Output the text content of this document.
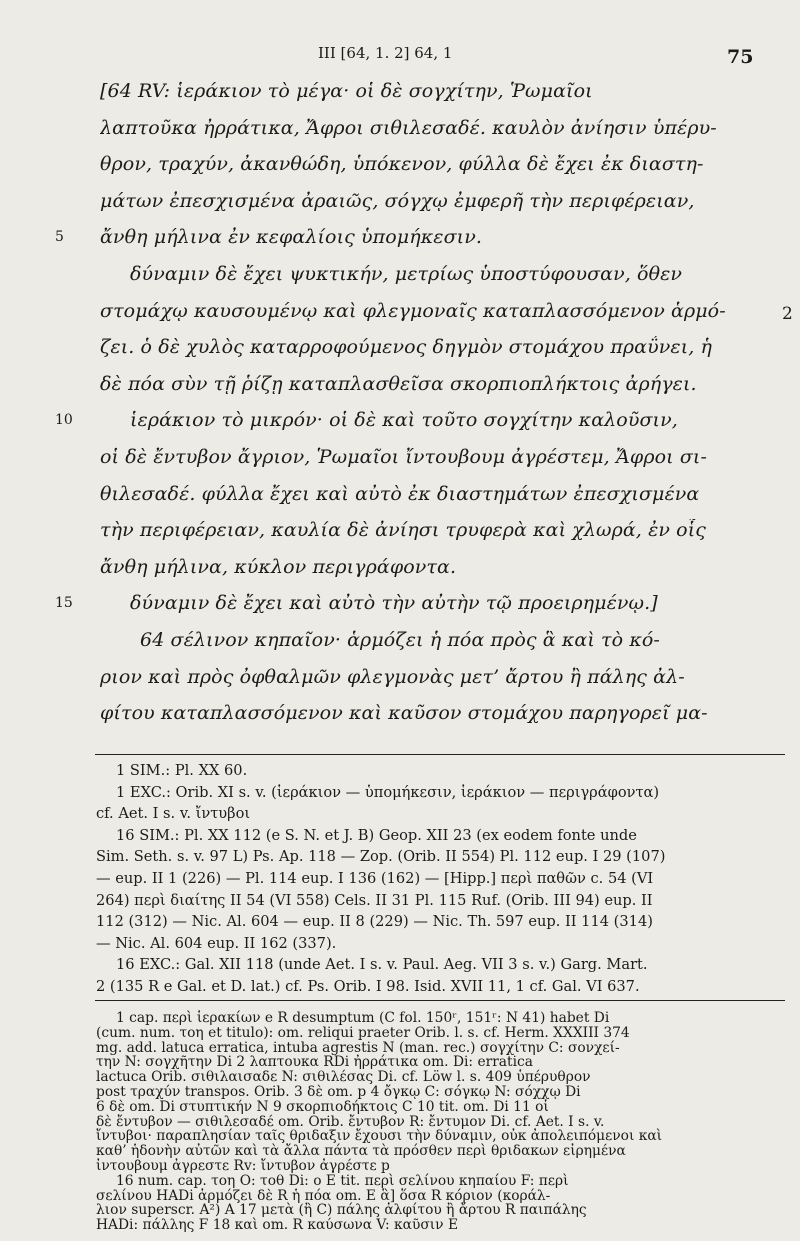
III [64, 1. 2] 64, 1	75
[64 RV: ἱεράκιον τὸ μέγα· οἱ δὲ σογχίτην, Ῥωμαῖοι
λαπτοῦκα ἠρράτικα, Ἄφροι σιθιλεσαδέ. καυλὸν ἀνίησιν ὑπέρυ-
θρον, τραχύν, ἀκανθώδη, ὑπόκενον, φύλλα δὲ ἔχει ἐκ διαστη-
μάτων ἐπεσχισμένα ἀραιῶς, σόγχῳ ἐμφερῆ τὴν περιφέρειαν,
ἄνθη μήλινα ἐν κεφαλίοις ὑπομήκεσιν.
5
δύναμιν δὲ ἔχει ψυκτικήν, μετρίως ὑποστύφουσαν, ὅθεν
στομάχῳ καυσουμένῳ καὶ φλεγμοναῖς καταπλασσόμενον ἁρμό-
ζει. ὁ δὲ χυλὸς καταρροφούμενος δηγμὸν στομάχου πραΰνει, ἡ
δὲ πόα σὺν τῇ ῥίζῃ καταπλασθεῖσα σκορπιοπλήκτοις ἀρήγει.
ἱεράκιον τὸ μικρόν· οἱ δὲ καὶ τοῦτο σογχίτην καλοῦσιν,
10
οἱ δὲ ἔντυβον ἄγριον, Ῥωμαῖοι ἴντουβουμ ἀγρέστεμ, Ἄφροι σι-
θιλεσαδέ. φύλλα ἔχει καὶ αὐτὸ ἐκ διαστημάτων ἐπεσχισμένα
τὴν περιφέρειαν, καυλία δὲ ἀνίησι τρυφερὰ καὶ χλωρά, ἐν οἷς
ἄνθη μήλινα, κύκλον περιγράφοντα.
δύναμιν δὲ ἔχει καὶ αὐτὸ τὴν αὐτὴν τῷ προειρημένῳ.]
15
64 σέλινον κηπαῖον· ἁρμόζει ἡ πόα πρὸς ἃ καὶ τὸ κό-
ριον καὶ πρὸς ὀφθαλμῶν φλεγμονὰς μετ’ ἄρτου ἢ πάλης ἀλ-
φίτου καταπλασσόμενον καὶ καῦσον στομάχου παρηγορεῖ μα-
2
1 SIM.: Pl. XX 60.
1 EXC.: Orib. XI s. v. (ἱεράκιον — ὑπομήκεσιν, ἱεράκιον — περιγράφοντα)
cf. Aet. I s. v. ἴντυβοι
16 SIM.: Pl. XX 112 (e S. N. et J. B) Geop. XII 23 (ex eodem fonte unde
Sim. Seth. s. v. 97 L) Ps. Ap. 118 — Zop. (Orib. II 554) Pl. 112 eup. I 29 (107)
— eup. II 1 (226) — Pl. 114 eup. I 136 (162) — [Hipp.] περὶ παθῶν c. 54 (VI
264) περὶ διαίτης II 54 (VI 558) Cels. II 31 Pl. 115 Ruf. (Orib. III 94) eup. II
112 (312) — Nic. Al. 604 — eup. II 8 (229) — Nic. Th. 597 eup. II 114 (314)
— Nic. Al. 604 eup. II 162 (337).
16 EXC.: Gal. XII 118 (unde Aet. I s. v. Paul. Aeg. VII 3 s. v.) Garg. Mart.
2 (135 R e Gal. et D. lat.) cf. Ps. Orib. I 98. Isid. XVII 11, 1 cf. Gal. VI 637.
1 cap. περὶ ἱερακίων e R desumptum (C fol. 150ʳ, 151ʳ: N 41) habet Di
(cum. num. τοη et titulo): om. reliqui praeter Orib. l. s. cf. Herm. XXXIII 374
mg. add. latuca erratica, intuba agrestis N (man. rec.) σογχίτην C: σονχεί-
την N: σογχῆτην Di 2 λαπτουκα RDi ἠρράτικα om. Di: erratica
lactuca Orib. σιθιλαισαδε N: σιθιλέσας Di. cf. Löw l. s. 409 ὑπέρυθρον
post τραχύν transpos. Orib. 3 δὲ om. p 4 ὄγκῳ C: σόγκῳ N: σόχχῳ Di
6 δὲ om. Di στυπτικήν N 9 σκορπιοδήκτοις C 10 tit. om. Di 11 οἱ
δὲ ἔντυβον — σιθιλεσαδέ om. Orib. ἔντυβον R: ἔντυμον Di. cf. Aet. I s. v.
ἴντυβοι· παραπλησίαν ταῖς θριδαξιν ἔχουσι τὴν δύναμιν, οὐκ ἀπολειπόμενοι καὶ
καθ’ ἡδονὴν αὐτῶν καὶ τὰ ἄλλα πάντα τὰ πρόσθεν περὶ θριδακων εἰρημένα
ἰντουβουμ ἀγρεστε Rv: ἴντυβον ἀγρέστε p
16 num. cap. τοη O: τοθ Di: o E tit. περὶ σελίνου κηπαίου F: περὶ
σελίνου HADi ἁρμόζει δὲ R ἡ πόα om. E ἃ] ὅσα R κόριον (κοράλ-
λιον superscr. A²) A 17 μετὰ (ἢ C) πάλης ἀλφίτου ἢ ἄρτου R παιπάλης
HADi: πάλλης F 18 καὶ om. R καύσωνα V: καῦσιν E
